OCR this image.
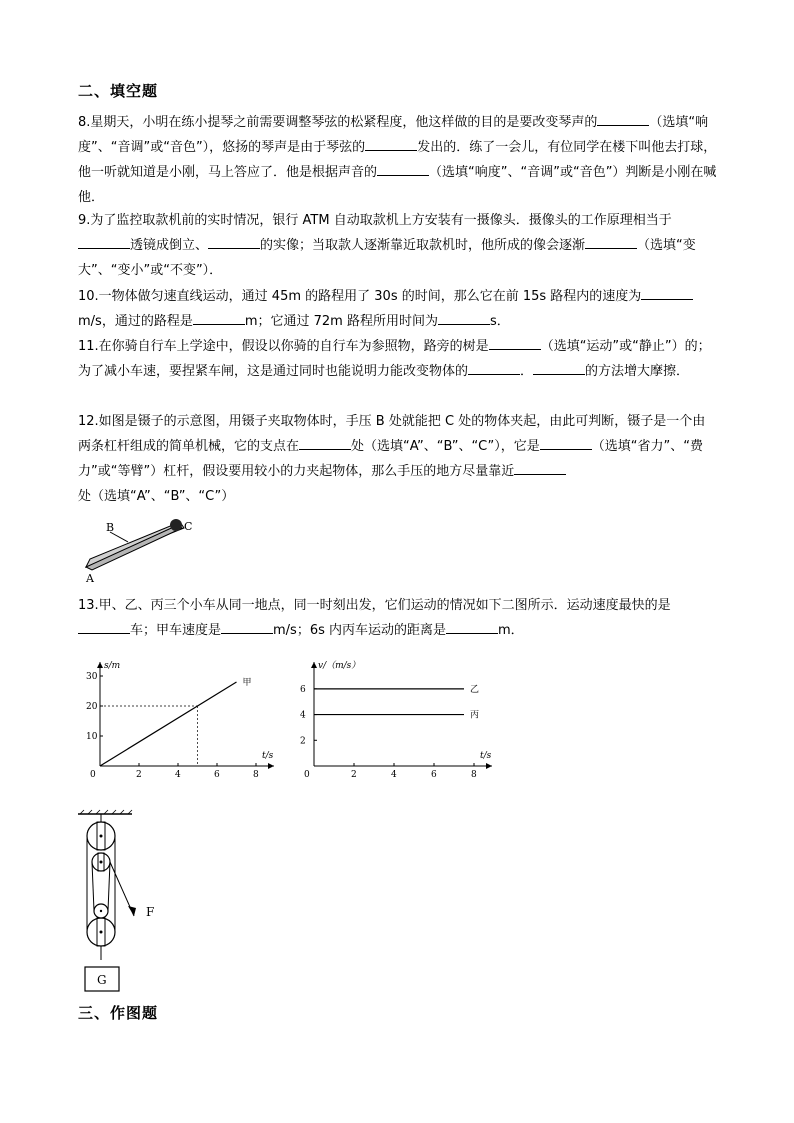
二、填空题
8.星期天，小明在练小提琴之前需要调整琴弦的松紧程度，他这样做的目的是要改变琴声的	（选填“响度”、“音调”或“音色”），悠扬的琴声是由于琴弦的	发出的．练了一会儿，有位同学在楼下叫他去打球，他一听就知道是小刚，马上答应了．他是根据声音的	（选填“响度”、“音调”或“音色”）判断是小刚在喊他．
9.为了监控取款机前的实时情况，银行 ATM 自动取款机上方安装有一摄像头．摄像头的工作原理相当于透镜成倒立、	的实像；当取款人逐渐靠近取款机时，他所成的像会逐渐	（选填“变大”、“变小”或“不变”）．
10.一物体做匀速直线运动，通过 45m 的路程用了 30s 的时间，那么它在前 15s 路程内的速度为m/s，通过的路程是	m；它通过 72m 路程所用时间为	s．
11.在你骑自行车上学途中，假设以你骑的自行车为参照物，路旁的树是	（选填“运动”或“静止”）的；为了减小车速，要捏紧车闸，这是通过同时也能说明力能改变物体的	．	的方法增大摩擦．
12.如图是镊子的示意图，用镊子夹取物体时，手压 B 处就能把 C 处的物体夹起，由此可判断，镊子是一个由两条杠杆组成的简单机械，它的支点在	处（选填“A”、“B”、“C”），它是	（选填“省力”、“费力”或“等臂”）杠杆，假设要用较小的力夹起物体，那么手压的地方尽量靠近处（选填“A”、“B”、“C”）
B	C
A
13.甲、乙、丙三个小车从同一地点，同一时刻出发，它们运动的情况如下二图所示．运动速度最快的是车；甲车速度是	m/s；6s 内丙车运动的距离是	m．
0	2	4	6	8
10
20
30
s/m
t/s
甲
0	2	4	6	8
2
4
6
v/（m/s）
t/s
乙
丙
F
G
三、作图题
